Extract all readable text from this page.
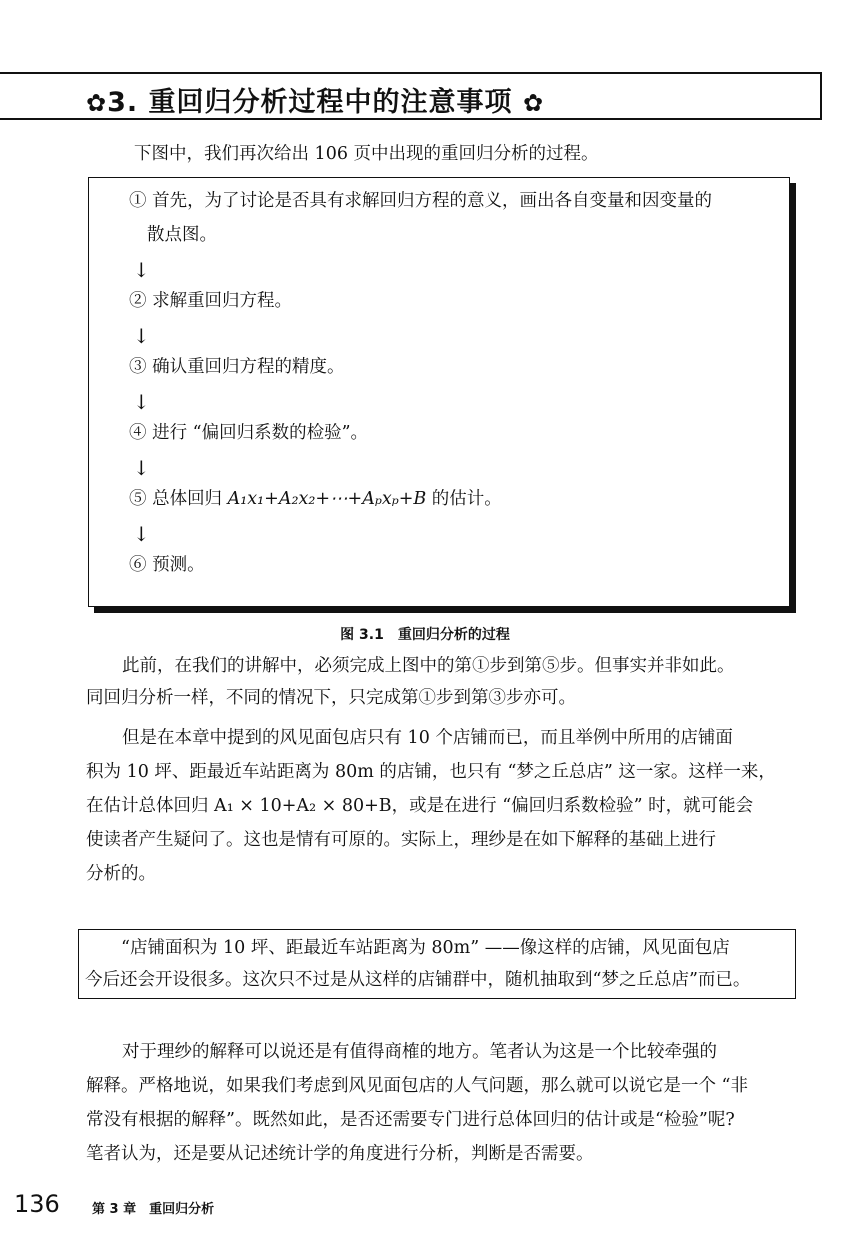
✿3. 重回归分析过程中的注意事项 ✿
下图中，我们再次给出 106 页中出现的重回归分析的过程。
① 首先，为了讨论是否具有求解回归方程的意义，画出各自变量和因变量的
散点图。
↓
② 求解重回归方程。
↓
③ 确认重回归方程的精度。
↓
④ 进行 “偏回归系数的检验”。
↓
⑤ 总体回归 A₁x₁+A₂x₂+⋯+Aₚxₚ+B 的估计。
↓
⑥ 预测。
图 3.1　重回归分析的过程
此前，在我们的讲解中，必须完成上图中的第①步到第⑤步。但事实并非如此。
同回归分析一样，不同的情况下，只完成第①步到第③步亦可。
但是在本章中提到的风见面包店只有 10 个店铺而已，而且举例中所用的店铺面
积为 10 坪、距最近车站距离为 80m 的店铺，也只有 “梦之丘总店” 这一家。这样一来，
在估计总体回归 A₁ × 10+A₂ × 80+B，或是在进行 “偏回归系数检验” 时，就可能会
使读者产生疑问了。这也是情有可原的。实际上，理纱是在如下解释的基础上进行
分析的。
“店铺面积为 10 坪、距最近车站距离为 80m” ——像这样的店铺，风见面包店
今后还会开设很多。这次只不过是从这样的店铺群中，随机抽取到“梦之丘总店”而已。
对于理纱的解释可以说还是有值得商榷的地方。笔者认为这是一个比较牵强的
解释。严格地说，如果我们考虑到风见面包店的人气问题，那么就可以说它是一个 “非
常没有根据的解释”。既然如此，是否还需要专门进行总体回归的估计或是“检验”呢?
笔者认为，还是要从记述统计学的角度进行分析，判断是否需要。
136 第 3 章　重回归分析
